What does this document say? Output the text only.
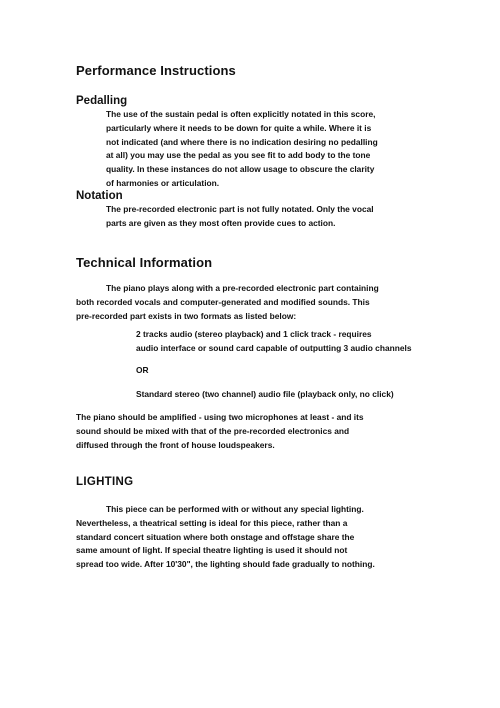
Performance Instructions
Pedalling

The use of the sustain pedal is often explicitly notated in this score,
particularly where it needs to be down for quite a while. Where it is
not indicated (and where there is no indication desiring no pedalling
at all) you may use the pedal as you see fit to add body to the tone
quality. In these instances do not allow usage to obscure the clarity
of harmonies or articulation.

Notation

The pre-recorded electronic part is not fully notated. Only the vocal
parts are given as they most often provide cues to action.

Technical Information

The piano plays along with a pre-recorded electronic part containing
both recorded vocals and computer-generated and modified sounds. This
pre-recorded part exists in two formats as listed below:

2 tracks audio (stereo playback) and 1 click track - requires
audio interface or sound card capable of outputting 3 audio channels

OR

Standard stereo (two channel) audio file (playback only, no click)

The piano should be amplified - using two microphones at least - and its
sound should be mixed with that of the pre-recorded electronics and
diffused through the front of house loudspeakers.

LIGHTING

This piece can be performed with or without any special lighting.
Nevertheless, a theatrical setting is ideal for this piece, rather than a
standard concert situation where both onstage and offstage share the
same amount of light. If special theatre lighting is used it should not
spread too wide. After 10'30", the lighting should fade gradually to nothing.
